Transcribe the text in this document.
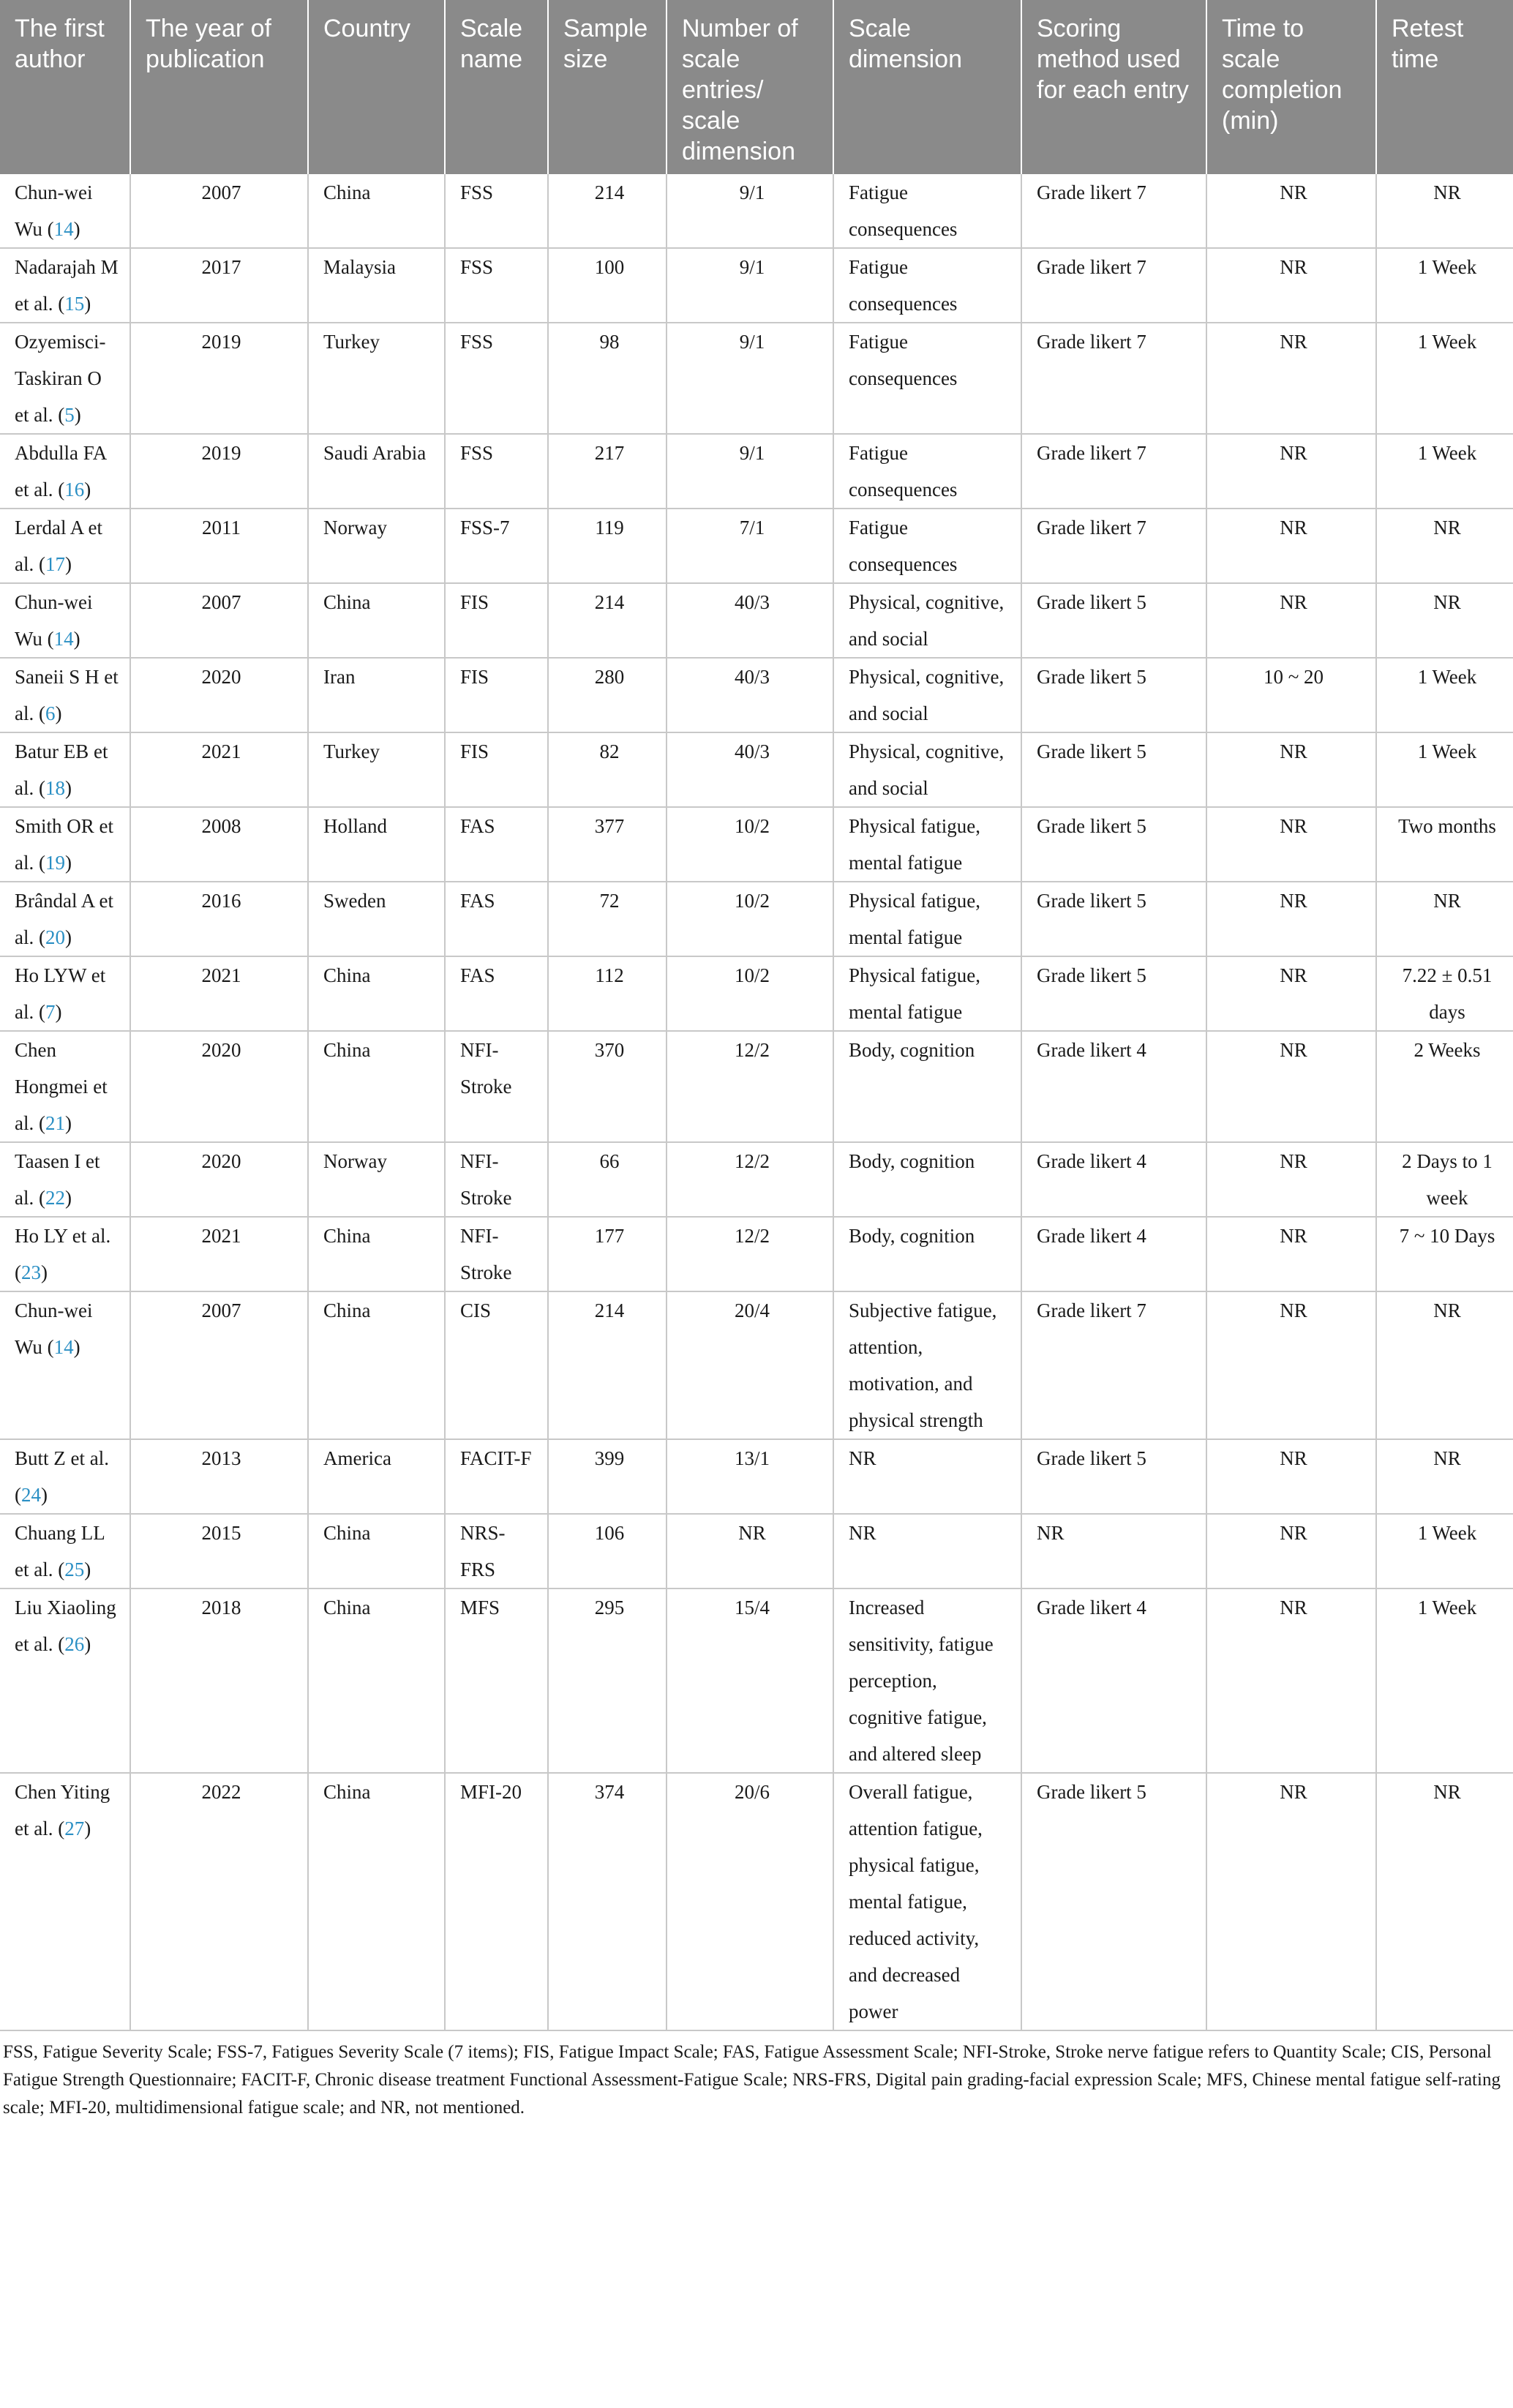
The first author	The year of publication	Country	Scale name	Sample size	Number of scale entries/ scale dimension	Scale dimension	Scoring method used for each entry	Time to scale completion (min)	Retest time
Chun-wei Wu (14)	2007	China	FSS	214	9/1	Fatigue consequences	Grade likert 7	NR	NR
Nadarajah M et al. (15)	2017	Malaysia	FSS	100	9/1	Fatigue consequences	Grade likert 7	NR	1 Week
Ozyemisci-Taskiran O et al. (5)	2019	Turkey	FSS	98	9/1	Fatigue consequences	Grade likert 7	NR	1 Week
Abdulla FA et al. (16)	2019	Saudi Arabia	FSS	217	9/1	Fatigue consequences	Grade likert 7	NR	1 Week
Lerdal A et al. (17)	2011	Norway	FSS-7	119	7/1	Fatigue consequences	Grade likert 7	NR	NR
Chun-wei Wu (14)	2007	China	FIS	214	40/3	Physical, cognitive, and social	Grade likert 5	NR	NR
Saneii S H et al. (6)	2020	Iran	FIS	280	40/3	Physical, cognitive, and social	Grade likert 5	10 ~ 20	1 Week
Batur EB et al. (18)	2021	Turkey	FIS	82	40/3	Physical, cognitive, and social	Grade likert 5	NR	1 Week
Smith OR et al. (19)	2008	Holland	FAS	377	10/2	Physical fatigue, mental fatigue	Grade likert 5	NR	Two months
Brândal A et al. (20)	2016	Sweden	FAS	72	10/2	Physical fatigue, mental fatigue	Grade likert 5	NR	NR
Ho LYW et al. (7)	2021	China	FAS	112	10/2	Physical fatigue, mental fatigue	Grade likert 5	NR	7.22 ± 0.51 days
Chen Hongmei et al. (21)	2020	China	NFI-Stroke	370	12/2	Body, cognition	Grade likert 4	NR	2 Weeks
Taasen I et al. (22)	2020	Norway	NFI-Stroke	66	12/2	Body, cognition	Grade likert 4	NR	2 Days to 1 week
Ho LY et al. (23)	2021	China	NFI-Stroke	177	12/2	Body, cognition	Grade likert 4	NR	7 ~ 10 Days
Chun-wei Wu (14)	2007	China	CIS	214	20/4	Subjective fatigue, attention, motivation, and physical strength	Grade likert 7	NR	NR
Butt Z et al. (24)	2013	America	FACIT-F	399	13/1	NR	Grade likert 5	NR	NR
Chuang LL et al. (25)	2015	China	NRS-FRS	106	NR	NR	NR	NR	1 Week
Liu Xiaoling et al. (26)	2018	China	MFS	295	15/4	Increased sensitivity, fatigue perception, cognitive fatigue, and altered sleep	Grade likert 4	NR	1 Week
Chen Yiting et al. (27)	2022	China	MFI-20	374	20/6	Overall fatigue, attention fatigue, physical fatigue, mental fatigue, reduced activity, and decreased power	Grade likert 5	NR	NR
FSS, Fatigue Severity Scale; FSS-7, Fatigues Severity Scale (7 items); FIS, Fatigue Impact Scale; FAS, Fatigue Assessment Scale; NFI-Stroke, Stroke nerve fatigue refers to Quantity Scale; CIS, Personal Fatigue Strength Questionnaire; FACIT-F, Chronic disease treatment Functional Assessment-Fatigue Scale; NRS-FRS, Digital pain grading-facial expression Scale; MFS, Chinese mental fatigue self-rating scale; MFI-20, multidimensional fatigue scale; and NR, not mentioned.
